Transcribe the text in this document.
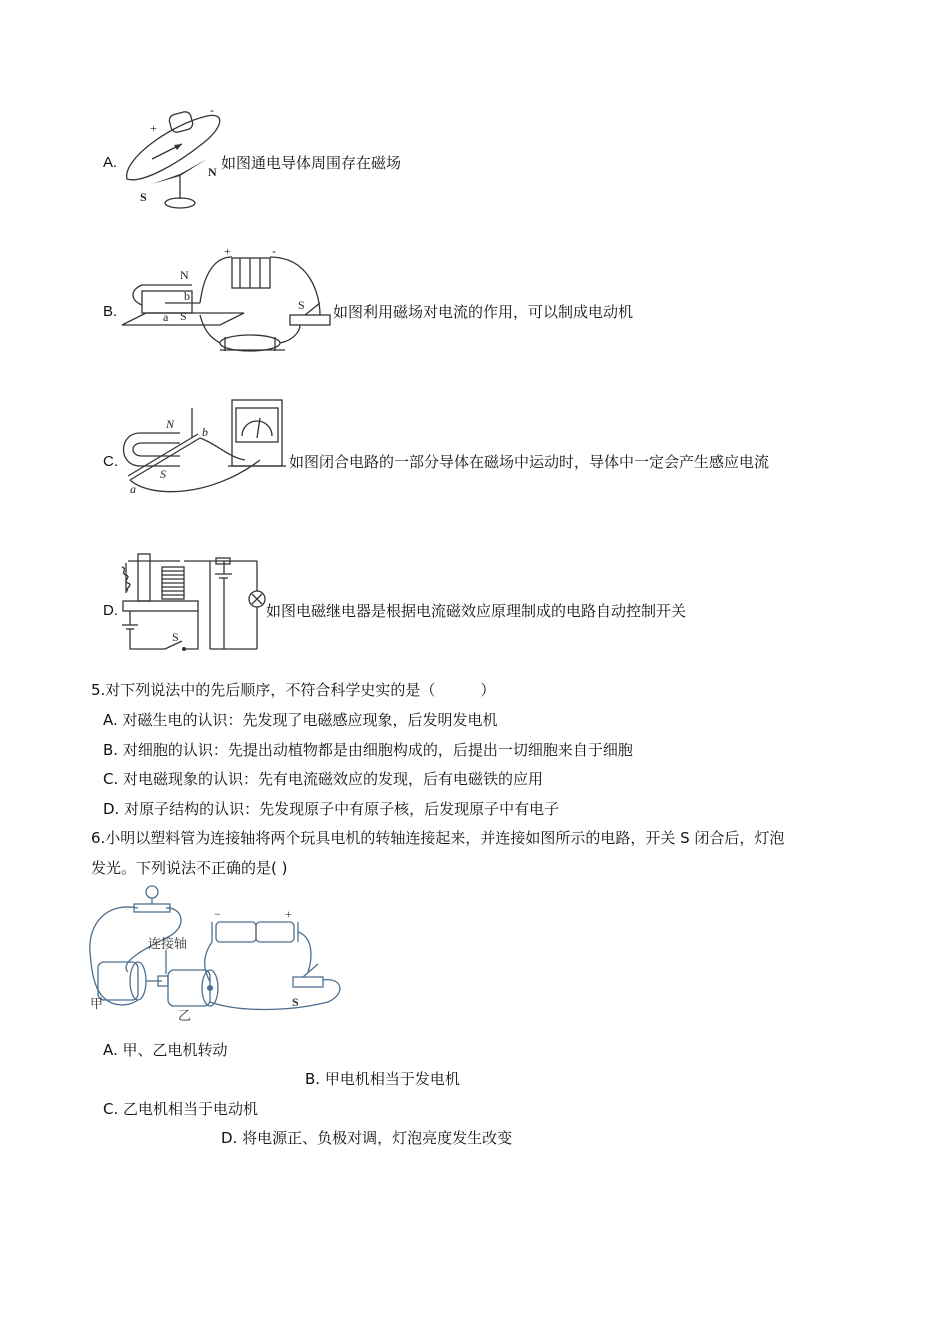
A.
+
-
N
S
如图通电导体周围存在磁场
B.
N
b
a S
S
+	-
如图利用磁场对电流的作用，可以制成电动机
C.
N
b
a
S
如图闭合电路的一部分导体在磁场中运动时，导体中一定会产生感应电流
D.
S
如图电磁继电器是根据电流磁效应原理制成的电路自动控制开关
5.对下列说法中的先后顺序，不符合科学史实的是（　　　）
A. 对磁生电的认识：先发现了电磁感应现象，后发明发电机
B. 对细胞的认识：先提出动植物都是由细胞构成的，后提出一切细胞来自于细胞
C. 对电磁现象的认识：先有电流磁效应的发现，后有电磁铁的应用
D. 对原子结构的认识：先发现原子中有原子核，后发现原子中有电子
6.小明以塑料管为连接轴将两个玩具电机的转轴连接起来，并连接如图所示的电路，开关 S 闭合后，灯泡
发光。下列说法不正确的是( )
连接轴
甲
乙
S
−	+
A. 甲、乙电机转动
B. 甲电机相当于发电机
C. 乙电机相当于电动机
D. 将电源正、负极对调，灯泡亮度发生改变
